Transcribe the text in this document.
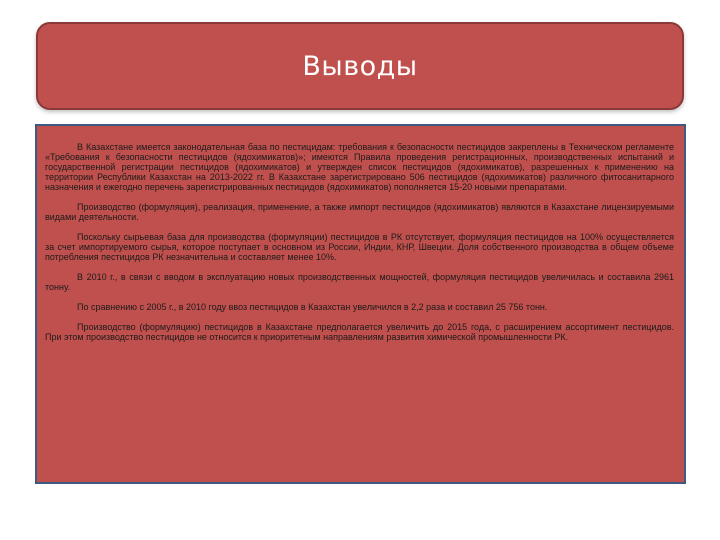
Выводы

В Казахстане имеется законодательная база по пестицидам: требования к безопасности пестицидов закреплены в Техническом регламенте «Требования к безопасности пестицидов (ядохимикатов)»; имеются Правила проведения регистрационных, производственных испытаний и государственной регистрации пестицидов (ядохимикатов) и утвержден список пестицидов (ядохимикатов), разрешенных к применению на территории Республики Казахстан на 2013-2022 гг. В Казахстане зарегистрировано 506 пестицидов (ядохимикатов) различного фитосанитарного назначения и ежегодно перечень зарегистрированных пестицидов (ядохимикатов) пополняется 15-20 новыми препаратами.

Производство (формуляция), реализация, применение, а также импорт пестицидов (ядохимикатов) являются в Казахстане лицензируемыми видами деятельности.

Поскольку сырьевая база для производства (формуляции) пестицидов в РК отсутствует, формуляция пестицидов на 100% осуществляется за счет импортируемого сырья, которое поступает в основном из России, Индии, КНР, Швеции. Доля собственного производства в общем объеме потребления пестицидов РК незначительна и составляет менее 10%.

В 2010 г., в связи с вводом в эксплуатацию новых производственных мощностей, формуляция пестицидов увеличилась и составила 2961 тонну.

По сравнению с 2005 г., в 2010 году ввоз пестицидов в Казахстан увеличился в 2,2 раза и составил 25 756 тонн.

Производство (формуляцию) пестицидов в Казахстане предполагается увеличить до 2015 года, с расширением ассортимент пестицидов. При этом производство пестицидов не относится к приоритетным направлениям развития химической промышленности РК.
